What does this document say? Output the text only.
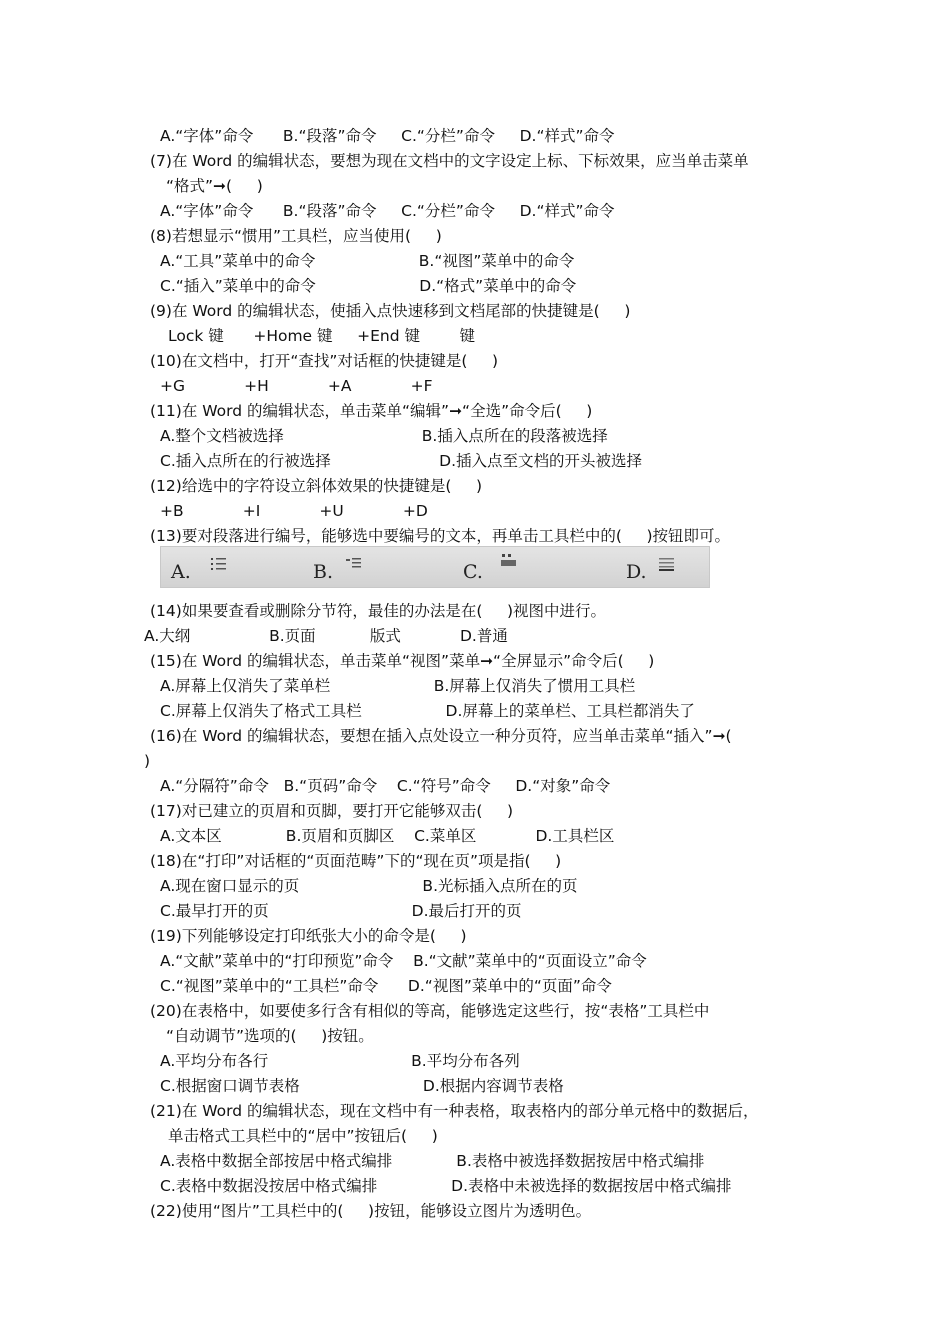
A.“字体”命令      B.“段落”命令     C.“分栏”命令     D.“样式”命令
(7)在 Word 的编辑状态，要想为现在文档中的文字设定上标、下标效果，应当单击菜单
“格式”➞(     )
A.“字体”命令      B.“段落”命令     C.“分栏”命令     D.“样式”命令
(8)若想显示“惯用”工具栏，应当使用(     )
A.“工具”菜单中的命令                     B.“视图”菜单中的命令
C.“插入”菜单中的命令                     D.“格式”菜单中的命令
(9)在 Word 的编辑状态，使插入点快速移到文档尾部的快捷键是(     )
Lock 键      +Home 键     +End 键        键
(10)在文档中，打开“查找”对话框的快捷键是(     )
+G            +H            +A            +F
(11)在 Word 的编辑状态，单击菜单“编辑”➞“全选”命令后(     )
A.整个文档被选择                            B.插入点所在的段落被选择
C.插入点所在的行被选择                      D.插入点至文档的开头被选择
(12)给选中的字符设立斜体效果的快捷键是(     )
+B            +I            +U            +D
(13)要对段落进行编号，能够选中要编号的文本，再单击工具栏中的(     )按钮即可。
A.	B.	C.	D.
(14)如果要查看或删除分节符，最佳的办法是在(     )视图中进行。
A.大纲                B.页面           版式            D.普通
(15)在 Word 的编辑状态，单击菜单“视图”菜单➞“全屏显示”命令后(     )
A.屏幕上仅消失了菜单栏                     B.屏幕上仅消失了惯用工具栏
C.屏幕上仅消失了格式工具栏                 D.屏幕上的菜单栏、工具栏都消失了
(16)在 Word 的编辑状态，要想在插入点处设立一种分页符，应当单击菜单“插入”➞(
)
A.“分隔符”命令   B.“页码”命令    C.“符号”命令     D.“对象”命令
(17)对已建立的页眉和页脚，要打开它能够双击(     )
A.文本区             B.页眉和页脚区    C.菜单区            D.工具栏区
(18)在“打印”对话框的“页面范畴”下的“现在页”项是指(     )
A.现在窗口显示的页                         B.光标插入点所在的页
C.最早打开的页                             D.最后打开的页
(19)下列能够设定打印纸张大小的命令是(     )
A.“文献”菜单中的“打印预览”命令    B.“文献”菜单中的“页面设立”命令
C.“视图”菜单中的“工具栏”命令      D.“视图”菜单中的“页面”命令
(20)在表格中，如要使多行含有相似的等高，能够选定这些行，按“表格”工具栏中
“自动调节”选项的(     )按钮。
A.平均分布各行                             B.平均分布各列
C.根据窗口调节表格                         D.根据内容调节表格
(21)在 Word 的编辑状态，现在文档中有一种表格，取表格内的部分单元格中的数据后，
单击格式工具栏中的“居中”按钮后(     )
A.表格中数据全部按居中格式编排             B.表格中被选择数据按居中格式编排
C.表格中数据没按居中格式编排               D.表格中未被选择的数据按居中格式编排
(22)使用“图片”工具栏中的(     )按钮，能够设立图片为透明色。
